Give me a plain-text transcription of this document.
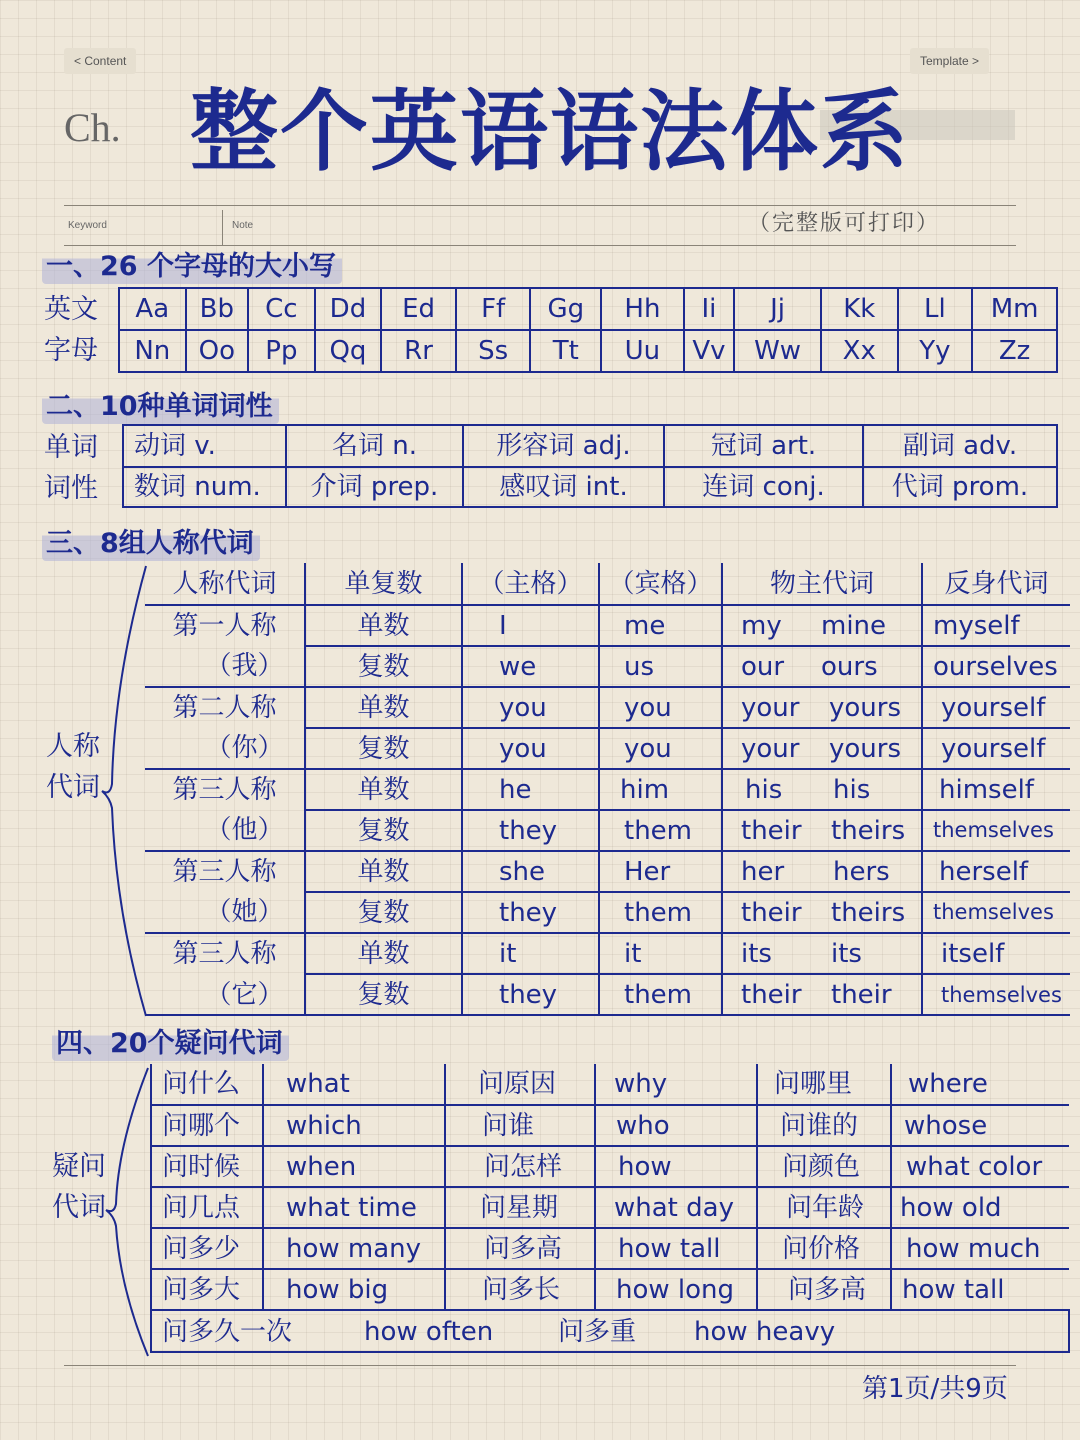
< Content	Template >
Ch. 整个英语语法体系
Keyword	Note	（完整版可打印）
一、26 个字母的大小写
英文
字母
Aa	Bb	Cc	Dd	Ed	Ff	Gg	Hh	Ii	Jj	Kk	Ll	Mm
Nn	Oo	Pp	Qq	Rr	Ss	Tt	Uu	Vv	Ww	Xx	Yy	Zz
二、10种单词词性
单词
词性
动词 v.	名词 n.	形容词 adj.	冠词 art.	副词 adv.
数词 num.	介词 prep.	感叹词 int.	连词 conj.	代词 prom.
三、8组人称代词
人称
代词
人称代词	单复数	（主格）	（宾格）	物主代词	反身代词
第一人称	单数	I	me	my mine	myself
（我）	复数	we	us	our ours	ourselves
第二人称	单数	you	you	your yours	yourself
（你）	复数	you	you	your yours	yourself
第三人称	单数	he	him	his his	himself
（他）	复数	they	them	their theirs	themselves
第三人称	单数	she	Her	her hers	herself
（她）	复数	they	them	their theirs	themselves
第三人称	单数	it	it	its its	itself
（它）	复数	they	them	their their	themselves
四、20个疑问代词
疑问
代词
问什么	what	问原因	why	问哪里	where
问哪个	which	问谁	who	问谁的	whose
问时候	when	问怎样	how	问颜色	what color
问几点	what time	问星期	what day	问年龄	how old
问多少	how many	问多高	how tall	问价格	how much
问多大	how big	问多长	how long	问多高	how tall

问多久一次 how often 问多重 how heavy					
第1页/共9页
